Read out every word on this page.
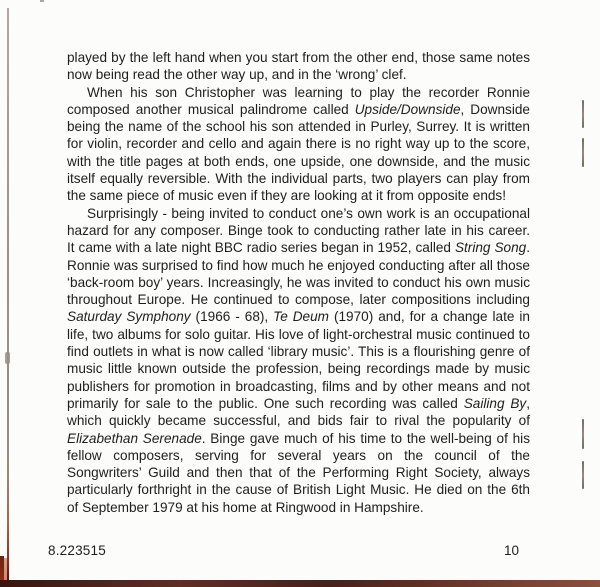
played by the left hand when you start from the other end, those same notes now being read the other way up, and in the ‘wrong’ clef.

When his son Christopher was learning to play the recorder Ronnie composed another musical palindrome called Upside/Downside, Downside being the name of the school his son attended in Purley, Surrey. It is written for violin, recorder and cello and again there is no right way up to the score, with the title pages at both ends, one upside, one downside, and the music itself equally reversible. With the individual parts, two players can play from the same piece of music even if they are looking at it from opposite ends!

Surprisingly - being invited to conduct one’s own work is an occupational hazard for any composer. Binge took to conducting rather late in his career. It came with a late night BBC radio series began in 1952, called String Song. Ronnie was surprised to find how much he enjoyed conducting after all those ‘back-room boy’ years. Increasingly, he was invited to conduct his own music throughout Europe. He continued to compose, later compositions including Saturday Symphony (1966 - 68), Te Deum (1970) and, for a change late in life, two albums for solo guitar. His love of light-orchestral music continued to find outlets in what is now called ‘library music’. This is a flourishing genre of music little known outside the profession, being recordings made by music publishers for promotion in broadcasting, films and by other means and not primarily for sale to the public. One such recording was called Sailing By, which quickly became successful, and bids fair to rival the popularity of Elizabethan Serenade. Binge gave much of his time to the well-being of his fellow composers, serving for several years on the council of the Songwriters’ Guild and then that of the Performing Right Society, always particularly forthright in the cause of British Light Music. He died on the 6th of September 1979 at his home at Ringwood in Hampshire.

8.223515	10
